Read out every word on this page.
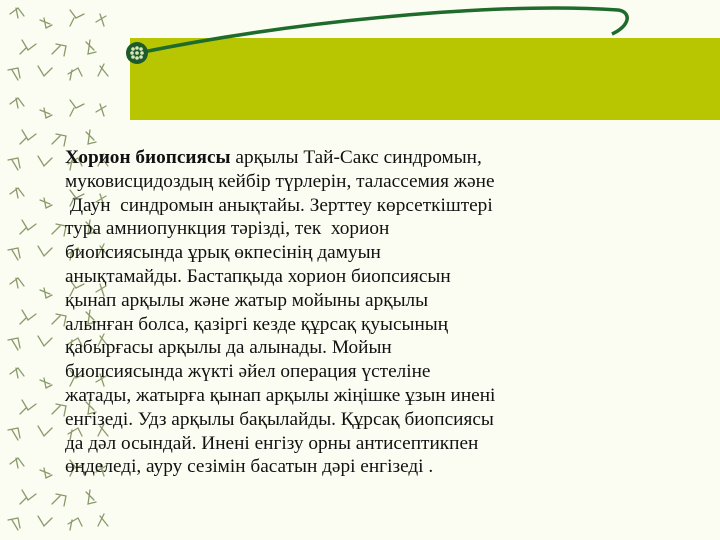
Хорион биопсиясы арқылы Тай-Сакс синдромын,
муковисцидоздың кейбір түрлерін, талассемия және
Даун  синдромын анықтайы. Зерттеу көрсеткіштері
тура амниопункция тәрізді, тек  хорион
биопсиясында ұрық өкпесінің дамуын
анықтамайды. Бастапқыда хорион биопсиясын
қынап арқылы және жатыр мойыны арқылы
алынған болса, қазіргі кезде құрсақ қуысының
қабырғасы арқылы да алынады. Мойын
биопсиясында жүкті әйел операция үстеліне
жатады, жатырға қынап арқылы жіңішке ұзын инені
енгізеді. Удз арқылы бақылайды. Құрсақ биопсиясы
да дәл осындай. Инені енгізу орны антисептикпен
өңделеді, ауру сезімін басатын дәрі енгізеді .
